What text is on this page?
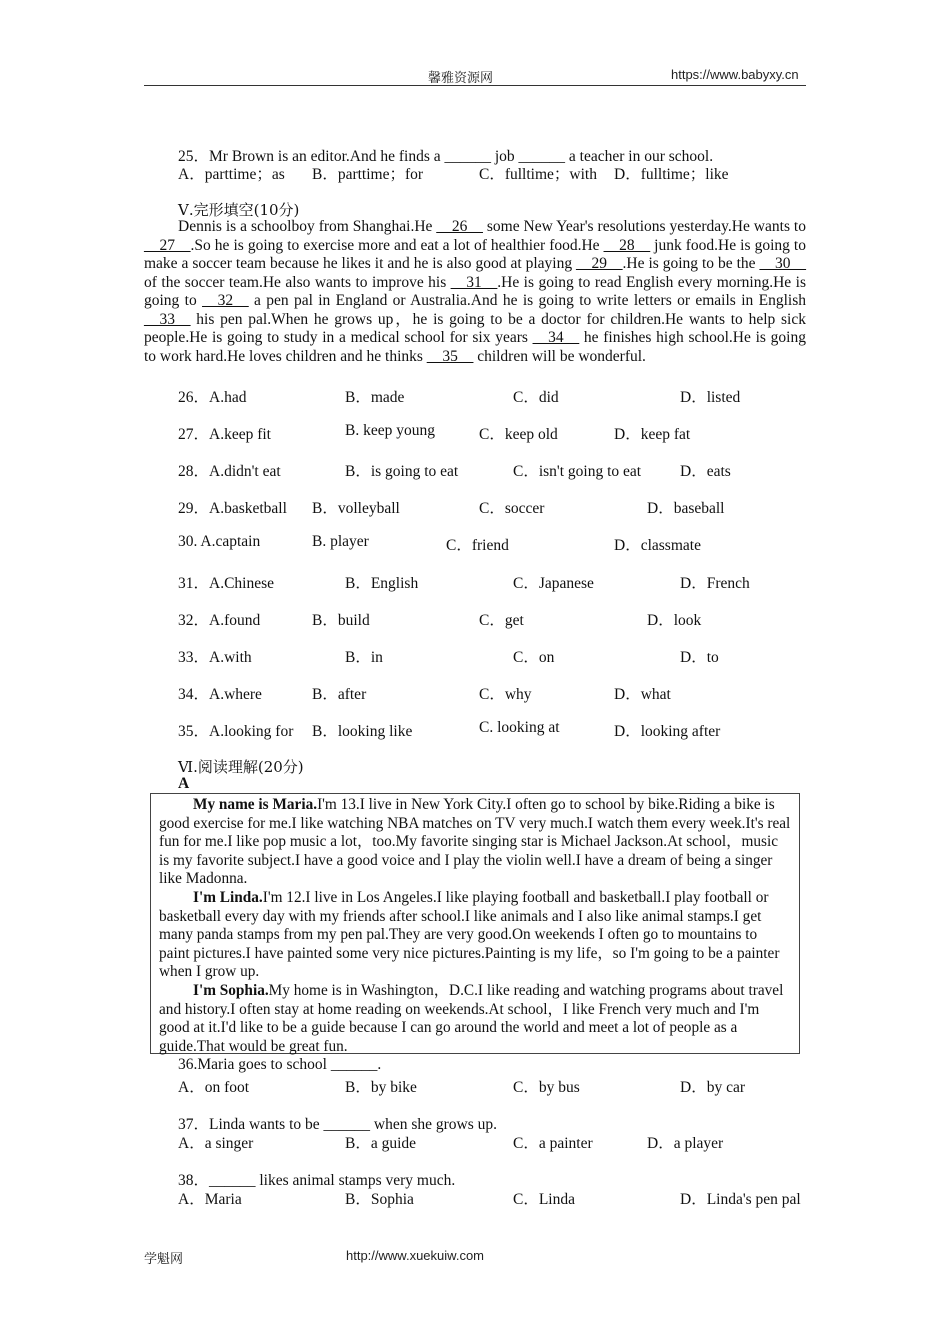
馨雅资源网	https://www.babyxy.cn
25．Mr Brown is an editor.And he finds a ______ job ______ a teacher in our school.
A．parttime；as B．parttime；for	C．fulltime；with D．fulltime；like
Ⅴ.完形填空(10分)
Dennis is a schoolboy from Shanghai.He __26__ some New Year's resolutions yesterday.He wants to __27__.So he is going to exercise more and eat a lot of healthier food.He __28__ junk food.He is going to make a soccer team because he likes it and he is also good at playing __29__.He is going to be the __30__ of the soccer team.He also wants to improve his __31__.He is going to read English every morning.He is going to __32__ a pen pal in England or Australia.And he is going to write letters or emails in English __33__ his pen pal.When he grows up，he is going to be a doctor for children.He wants to help sick people.He is going to study in a medical school for six years __34__ he finishes high school.He is going to work hard.He loves children and he thinks __35__ children will be wonderful.
26．A.had	B．made	C．did	D．listed
27．A.keep fit	B. keep young	C．keep old	D．keep fat
28．A.didn't eat	B．is going to eat	C．isn't going to eat	D．eats
29．A.basketball B．volleyball	C．soccer	D．baseball
30. A.captain	B. player	C．friend	D．classmate
31．A.Chinese	B．English	C．Japanese	D．French
32．A.found	B．build	C．get	D．look
33．A.with	B．in	C．on	D．to
34．A.where	B．after	C．why	D．what
35．A.looking for B．looking like	C. looking at	D．looking after
Ⅵ.阅读理解(20分)
A

My name is Maria.I'm 13.I live in New York City.I often go to school by bike.Riding a bike is good exercise for me.I like watching NBA matches on TV very much.I watch them every week.It's real fun for me.I like pop music a lot，too.My favorite singing star is Michael Jackson.At school，music is my favorite subject.I have a good voice and I play the violin well.I have a dream of being a singer like Madonna.

I'm Linda.I'm 12.I live in Los Angeles.I like playing football and basketball.I play football or basketball every day with my friends after school.I like animals and I also like animal stamps.I get many panda stamps from my pen pal.They are very good.On weekends I often go to mountains to paint pictures.I have painted some very nice pictures.Painting is my life，so I'm going to be a painter when I grow up.

I'm Sophia.My home is in Washington，D.C.I like reading and watching programs about travel and history.I often stay at home reading on weekends.At school，I like French very much and I'm good at it.I'd like to be a guide because I can go around the world and meet a lot of people as a guide.That would be great fun.

36.Maria goes to school ______.
A．on foot	B．by bike	C．by bus	D．by car
37．Linda wants to be ______ when she grows up.
A．a singer	B．a guide	C．a painter	D．a player
38．______ likes animal stamps very much.
A．Maria	B．Sophia	C．Linda	D．Linda's pen pal
学魁网	http://www.xuekuiw.com
